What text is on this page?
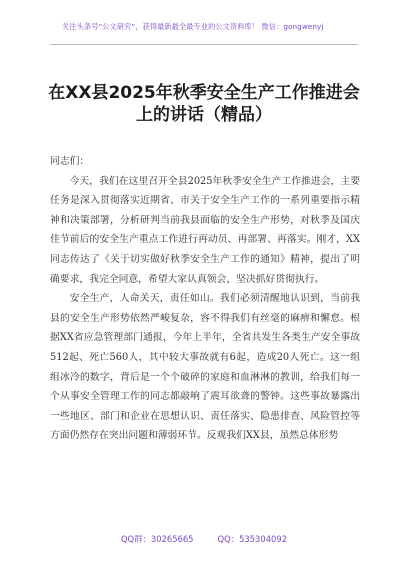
关注头条号“公文研究”，获得最新最全最专业的公文资料库！ 微信：gongwenyj
在XX县2025年秋季安全生产工作推进会上的讲话（精品）

同志们：

今天，我们在这里召开全县2025年秋季安全生产工作推进会，主要任务是深入贯彻落实近期省、市关于安全生产工作的一系列重要指示精神和决策部署，分析研判当前我县面临的安全生产形势，对秋季及国庆佳节前后的安全生产重点工作进行再动员、再部署、再落实。刚才，XX同志传达了《关于切实做好秋季安全生产工作的通知》精神，提出了明确要求，我完全同意，希望大家认真领会，坚决抓好贯彻执行。

安全生产，人命关天，责任如山。我们必须清醒地认识到，当前我县的安全生产形势依然严峻复杂，容不得我们有丝毫的麻痹和懈怠。根据XX省应急管理部门通报，今年上半年，全省共发生各类生产安全事故512起、死亡560人，其中较大事故就有6起，造成20人死亡。这一组组冰冷的数字，背后是一个个破碎的家庭和血淋淋的教训，给我们每一个从事安全管理工作的同志都敲响了震耳欲聋的警钟。这些事故暴露出一些地区、部门和企业在思想认识、责任落实、隐患排查、风险管控等方面仍然存在突出问题和薄弱环节。反观我们XX县，虽然总体形势

QQ群：30265665	QQ：535304092
